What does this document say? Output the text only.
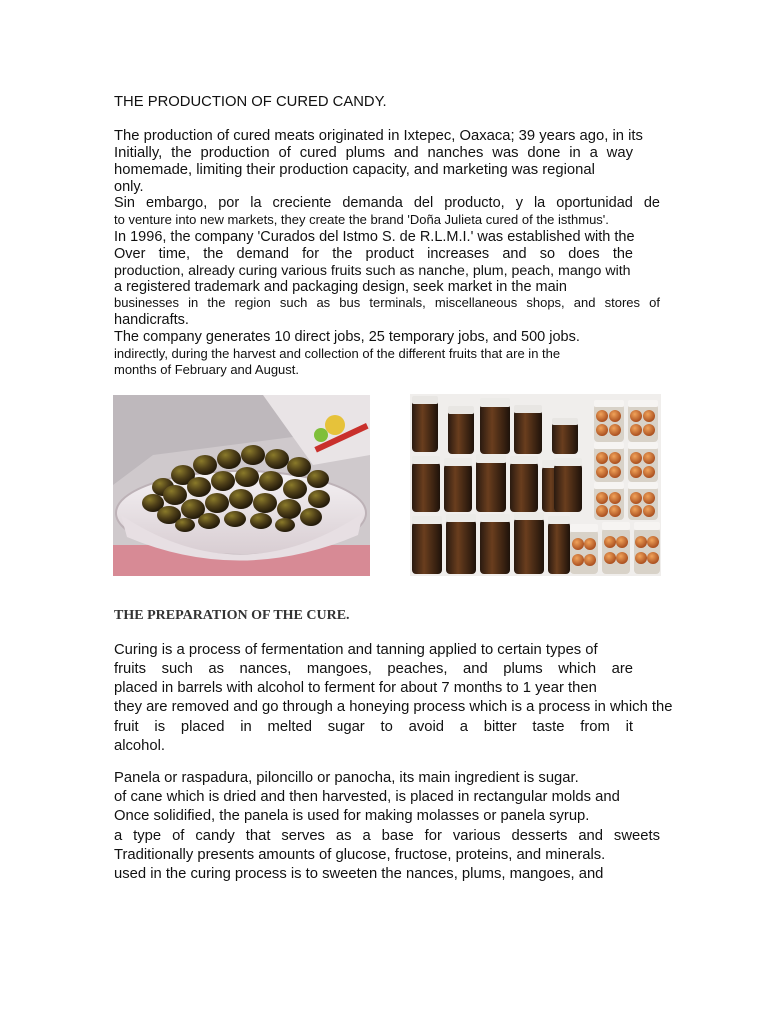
THE PRODUCTION OF CURED CANDY.
The production of cured meats originated in Ixtepec, Oaxaca; 39 years ago, in its
Initially, the production of cured plums and nanches was done in a way
homemade, limiting their production capacity, and marketing was regional
only.
Sin embargo, por la creciente demanda del producto, y la oportunidad de
to venture into new markets, they create the brand 'Doña Julieta cured of the isthmus'.
In 1996, the company 'Curados del Istmo S. de R.L.M.I.' was established with the
Over time, the demand for the product increases and so does the
production, already curing various fruits such as nanche, plum, peach, mango with
a registered trademark and packaging design, seek market in the main
businesses in the region such as bus terminals, miscellaneous shops, and stores of
handicrafts.
The company generates 10 direct jobs, 25 temporary jobs, and 500 jobs.
indirectly, during the harvest and collection of the different fruits that are in the
months of February and August.
THE PREPARATION OF THE CURE.
Curing is a process of fermentation and tanning applied to certain types of
fruits such as nances, mangoes, peaches, and plums which are
placed in barrels with alcohol to ferment for about 7 months to 1 year then
they are removed and go through a honeying process which is a process in which the
fruit is placed in melted sugar to avoid a bitter taste from it
alcohol.
Panela or raspadura, piloncillo or panocha, its main ingredient is sugar.
of cane which is dried and then harvested, is placed in rectangular molds and
Once solidified, the panela is used for making molasses or panela syrup.
a type of candy that serves as a base for various desserts and sweets
Traditionally presents amounts of glucose, fructose, proteins, and minerals.
used in the curing process is to sweeten the nances, plums, mangoes, and
